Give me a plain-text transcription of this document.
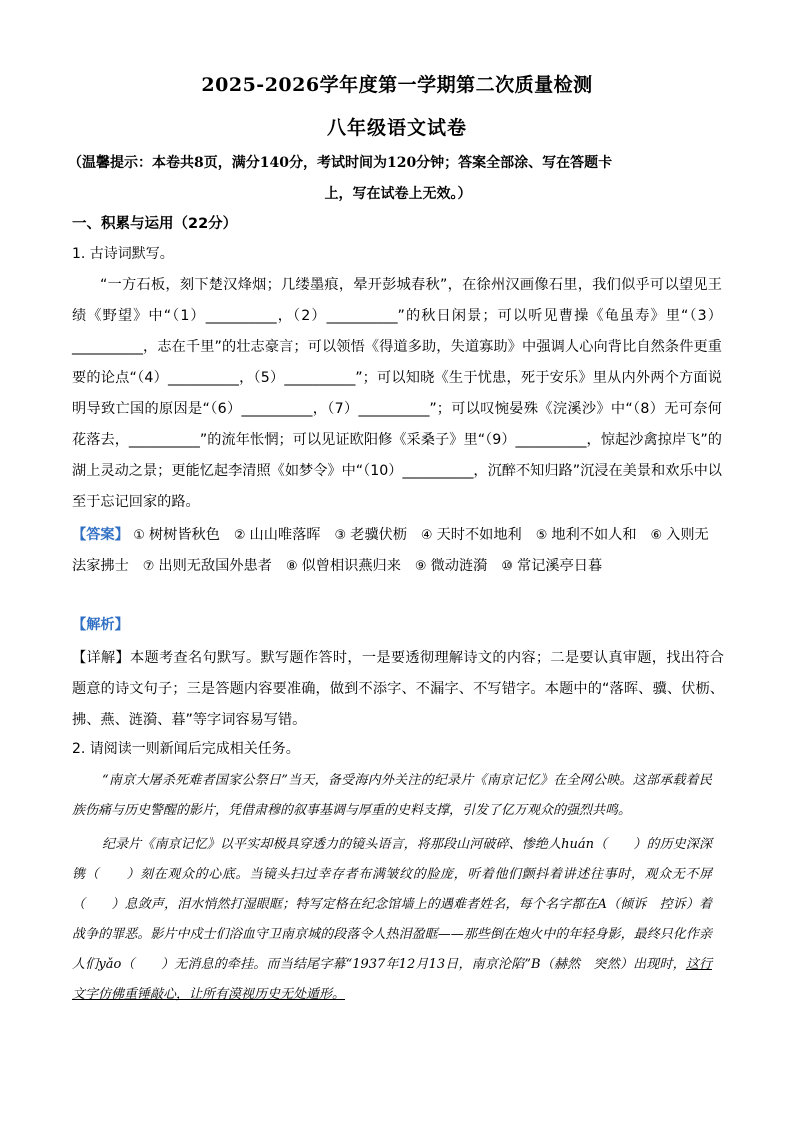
2025-2026学年度第一学期第二次质量检测
八年级语文试卷
（温馨提示：本卷共8页，满分140分，考试时间为120分钟；答案全部涂、写在答题卡
上，写在试卷上无效。）
一、积累与运用（22分）
1. 古诗词默写。
“一方石板，刻下楚汉烽烟；几缕墨痕，晕开彭城春秋”，在徐州汉画像石里，我们似乎可以望见王绩《野望》中“（1）__________，（2）__________”的秋日闲景；可以听见曹操《龟虽寿》里“（3）__________，志在千里”的壮志豪言；可以领悟《得道多助，失道寡助》中强调人心向背比自然条件更重要的论点“（4）__________，（5）__________”；可以知晓《生于忧患，死于安乐》里从内外两个方面说明导致亡国的原因是“（6）__________，（7）__________”；可以叹惋晏殊《浣溪沙》中“（8）无可奈何花落去，__________”的流年怅惘；可以见证欧阳修《采桑子》里“（9）__________，惊起沙禽掠岸飞”的湖上灵动之景；更能忆起李清照《如梦令》中“（10）__________，沉醉不知归路”沉浸在美景和欢乐中以至于忘记回家的路。
【答案】 ① 树树皆秋色② 山山唯落晖③ 老骥伏枥④ 天时不如地利⑤ 地利不如人和⑥ 入则无法家拂士⑦ 出则无敌国外患者⑧ 似曾相识燕归来⑨ 微动涟漪⑩ 常记溪亭日暮
【解析】
【详解】本题考查名句默写。默写题作答时，一是要透彻理解诗文的内容；二是要认真审题，找出符合题意的诗文句子；三是答题内容要准确，做到不添字、不漏字、不写错字。本题中的“落晖、骥、伏枥、拂、燕、涟漪、暮”等字词容易写错。
2. 请阅读一则新闻后完成相关任务。
“南京大屠杀死难者国家公祭日”当天，备受海内外关注的纪录片《南京记忆》在全网公映。这部承载着民族伤痛与历史警醒的影片，凭借肃穆的叙事基调与厚重的史料支撑，引发了亿万观众的强烈共鸣。
纪录片《南京记忆》以平实却极具穿透力的镜头语言，将那段山河破碎、惨绝人huán（　　）的历史深深镌（　　）刻在观众的心底。当镜头扫过幸存者布满皱纹的脸庞，听着他们颤抖着讲述往事时，观众无不屏（　　）息敛声，泪水悄然打湿眼眶；特写定格在纪念馆墙上的遇难者姓名，每个名字都在A（倾诉　控诉）着战争的罪恶。影片中戍士们浴血守卫南京城的段落令人热泪盈眶——那些倒在炮火中的年轻身影，最终只化作亲人们yǎo（　　）无消息的牵挂。而当结尾字幕“1937年12月13日，南京沦陷”B（赫然　突然）出现时，这行文字仿佛重锤敲心，让所有漠视历史无处遁形。
